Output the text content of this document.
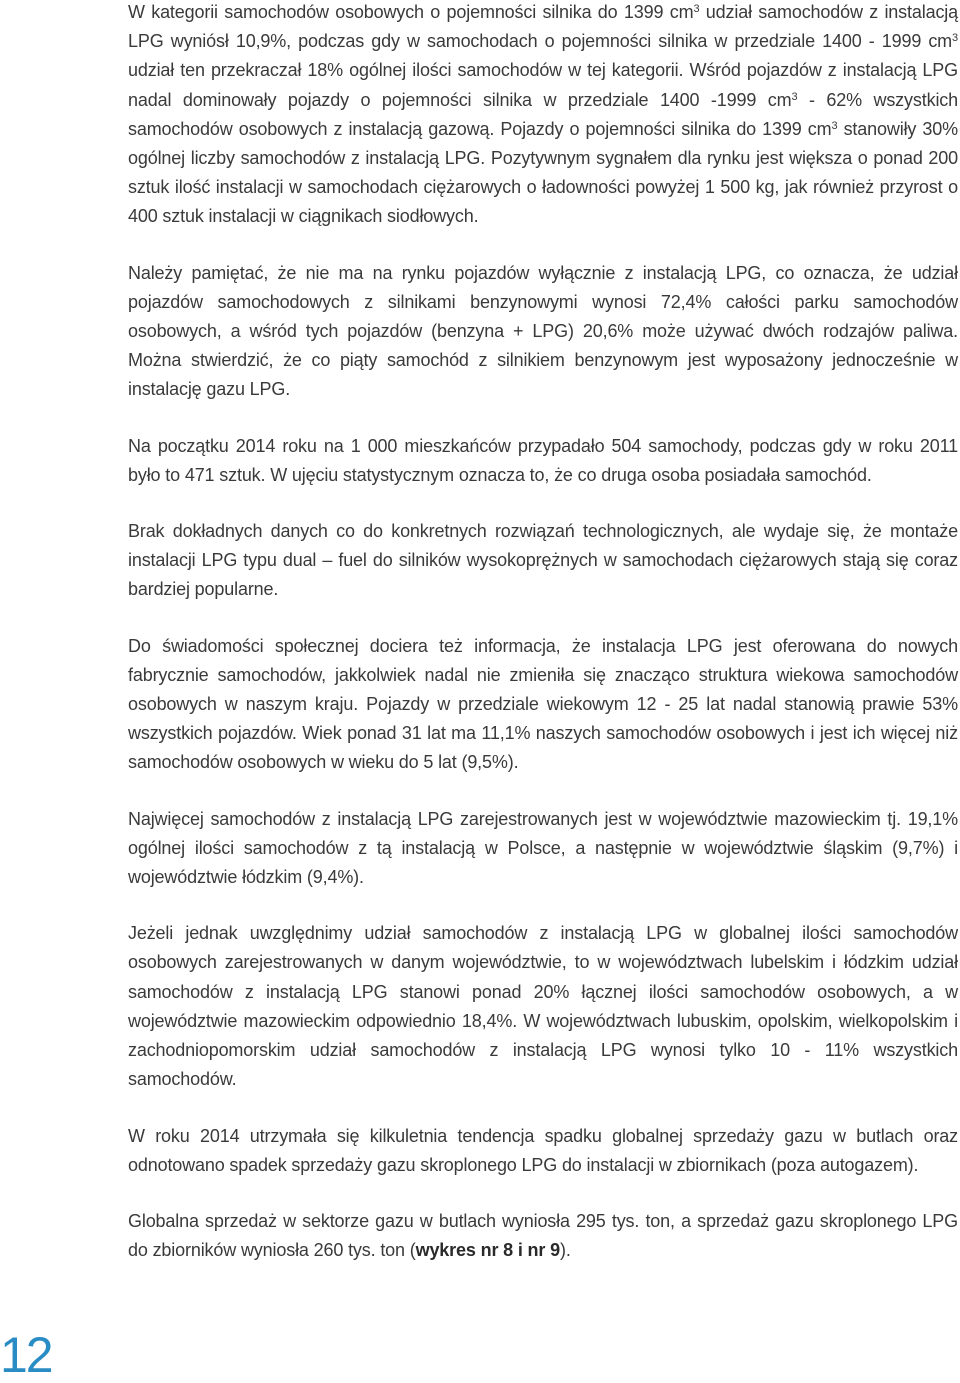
W kategorii samochodów osobowych o pojemności silnika do 1399 $cm^3$ udział samochodów z instalacją LPG wyniósł 10,9%, podczas gdy w samochodach o pojemności silnika w przedziale 1400 - 1999 $cm^3$ udział ten przekraczał 18% ogólnej ilości samochodów w tej kategorii. Wśród pojazdów z instalacją LPG nadal dominowały pojazdy o pojemności silnika w przedziale 1400 -1999 $cm^3 - 62\%$ wszystkich samochodów osobowych z instalacją gazową. Pojazdy o pojemności silnika do 1399 $cm^3$ stanowiły 30% ogólnej liczby samochodów z instalacją LPG. Pozytywnym sygnałem dla rynku jest większa o ponad 200 sztuk ilość instalacji w samochodach ciężarowych o ładowności powyżej 1 500 kg, jak również przyrost o 400 sztuk instalacji w ciągnikach siodłowych.

Należy pamiętać, że nie ma na rynku pojazdów wyłącznie z instalacją LPG, co oznacza, że udział pojazdów samochodowych z silnikami benzynowymi wynosi 72,4% całości parku samochodów osobowych, a wśród tych pojazdów (benzyna + LPG) 20,6% może używać dwóch rodzajów paliwa. Można stwierdzić, że co piąty samochód z silnikiem benzynowym jest wyposażony jednocześnie w instalację gazu LPG.

Na początku 2014 roku na 1 000 mieszkańców przypadało 504 samochody, podczas gdy w roku 2011 było to 471 sztuk. W ujęciu statystycznym oznacza to, że co druga osoba posiadała samochód.

Brak dokładnych danych co do konkretnych rozwiązań technologicznych, ale wydaje się, że montaże instalacji LPG typu dual – fuel do silników wysokoprężnych w samochodach ciężarowych stają się coraz bardziej popularne.

Do świadomości społecznej dociera też informacja, że instalacja LPG jest oferowana do nowych fabrycznie samochodów, jakkolwiek nadal nie zmieniła się znacząco struktura wiekowa samochodów osobowych w naszym kraju. Pojazdy w przedziale wiekowym 12 - 25 lat nadal stanowią prawie 53% wszystkich pojazdów. Wiek ponad 31 lat ma 11,1% naszych samochodów osobowych i jest ich więcej niż samochodów osobowych w wieku do 5 lat (9,5%).

Najwięcej samochodów z instalacją LPG zarejestrowanych jest w województwie mazowieckim tj. 19,1% ogólnej ilości samochodów z tą instalacją w Polsce, a następnie w województwie śląskim (9,7%) i województwie łódzkim (9,4%).

Jeżeli jednak uwzględnimy udział samochodów z instalacją LPG w globalnej ilości samochodów osobowych zarejestrowanych w danym województwie, to w województwach lubelskim i łódzkim udział samochodów z instalacją LPG stanowi ponad 20% łącznej ilości samochodów osobowych, a w województwie mazowieckim odpowiednio 18,4%. W województwach lubuskim, opolskim, wielkopolskim i zachodniopomorskim udział samochodów z instalacją LPG wynosi tylko 10 - 11% wszystkich samochodów.

W roku 2014 utrzymała się kilkuletnia tendencja spadku globalnej sprzedaży gazu w butlach oraz odnotowano spadek sprzedaży gazu skroplonego LPG do instalacji w zbiornikach (poza autogazem).

Globalna sprzedaż w sektorze gazu w butlach wyniosła 295 tys. ton, a sprzedaż gazu skroplonego LPG do zbiorników wyniosła 260 tys. ton (wykres nr 8 i nr 9).

12
